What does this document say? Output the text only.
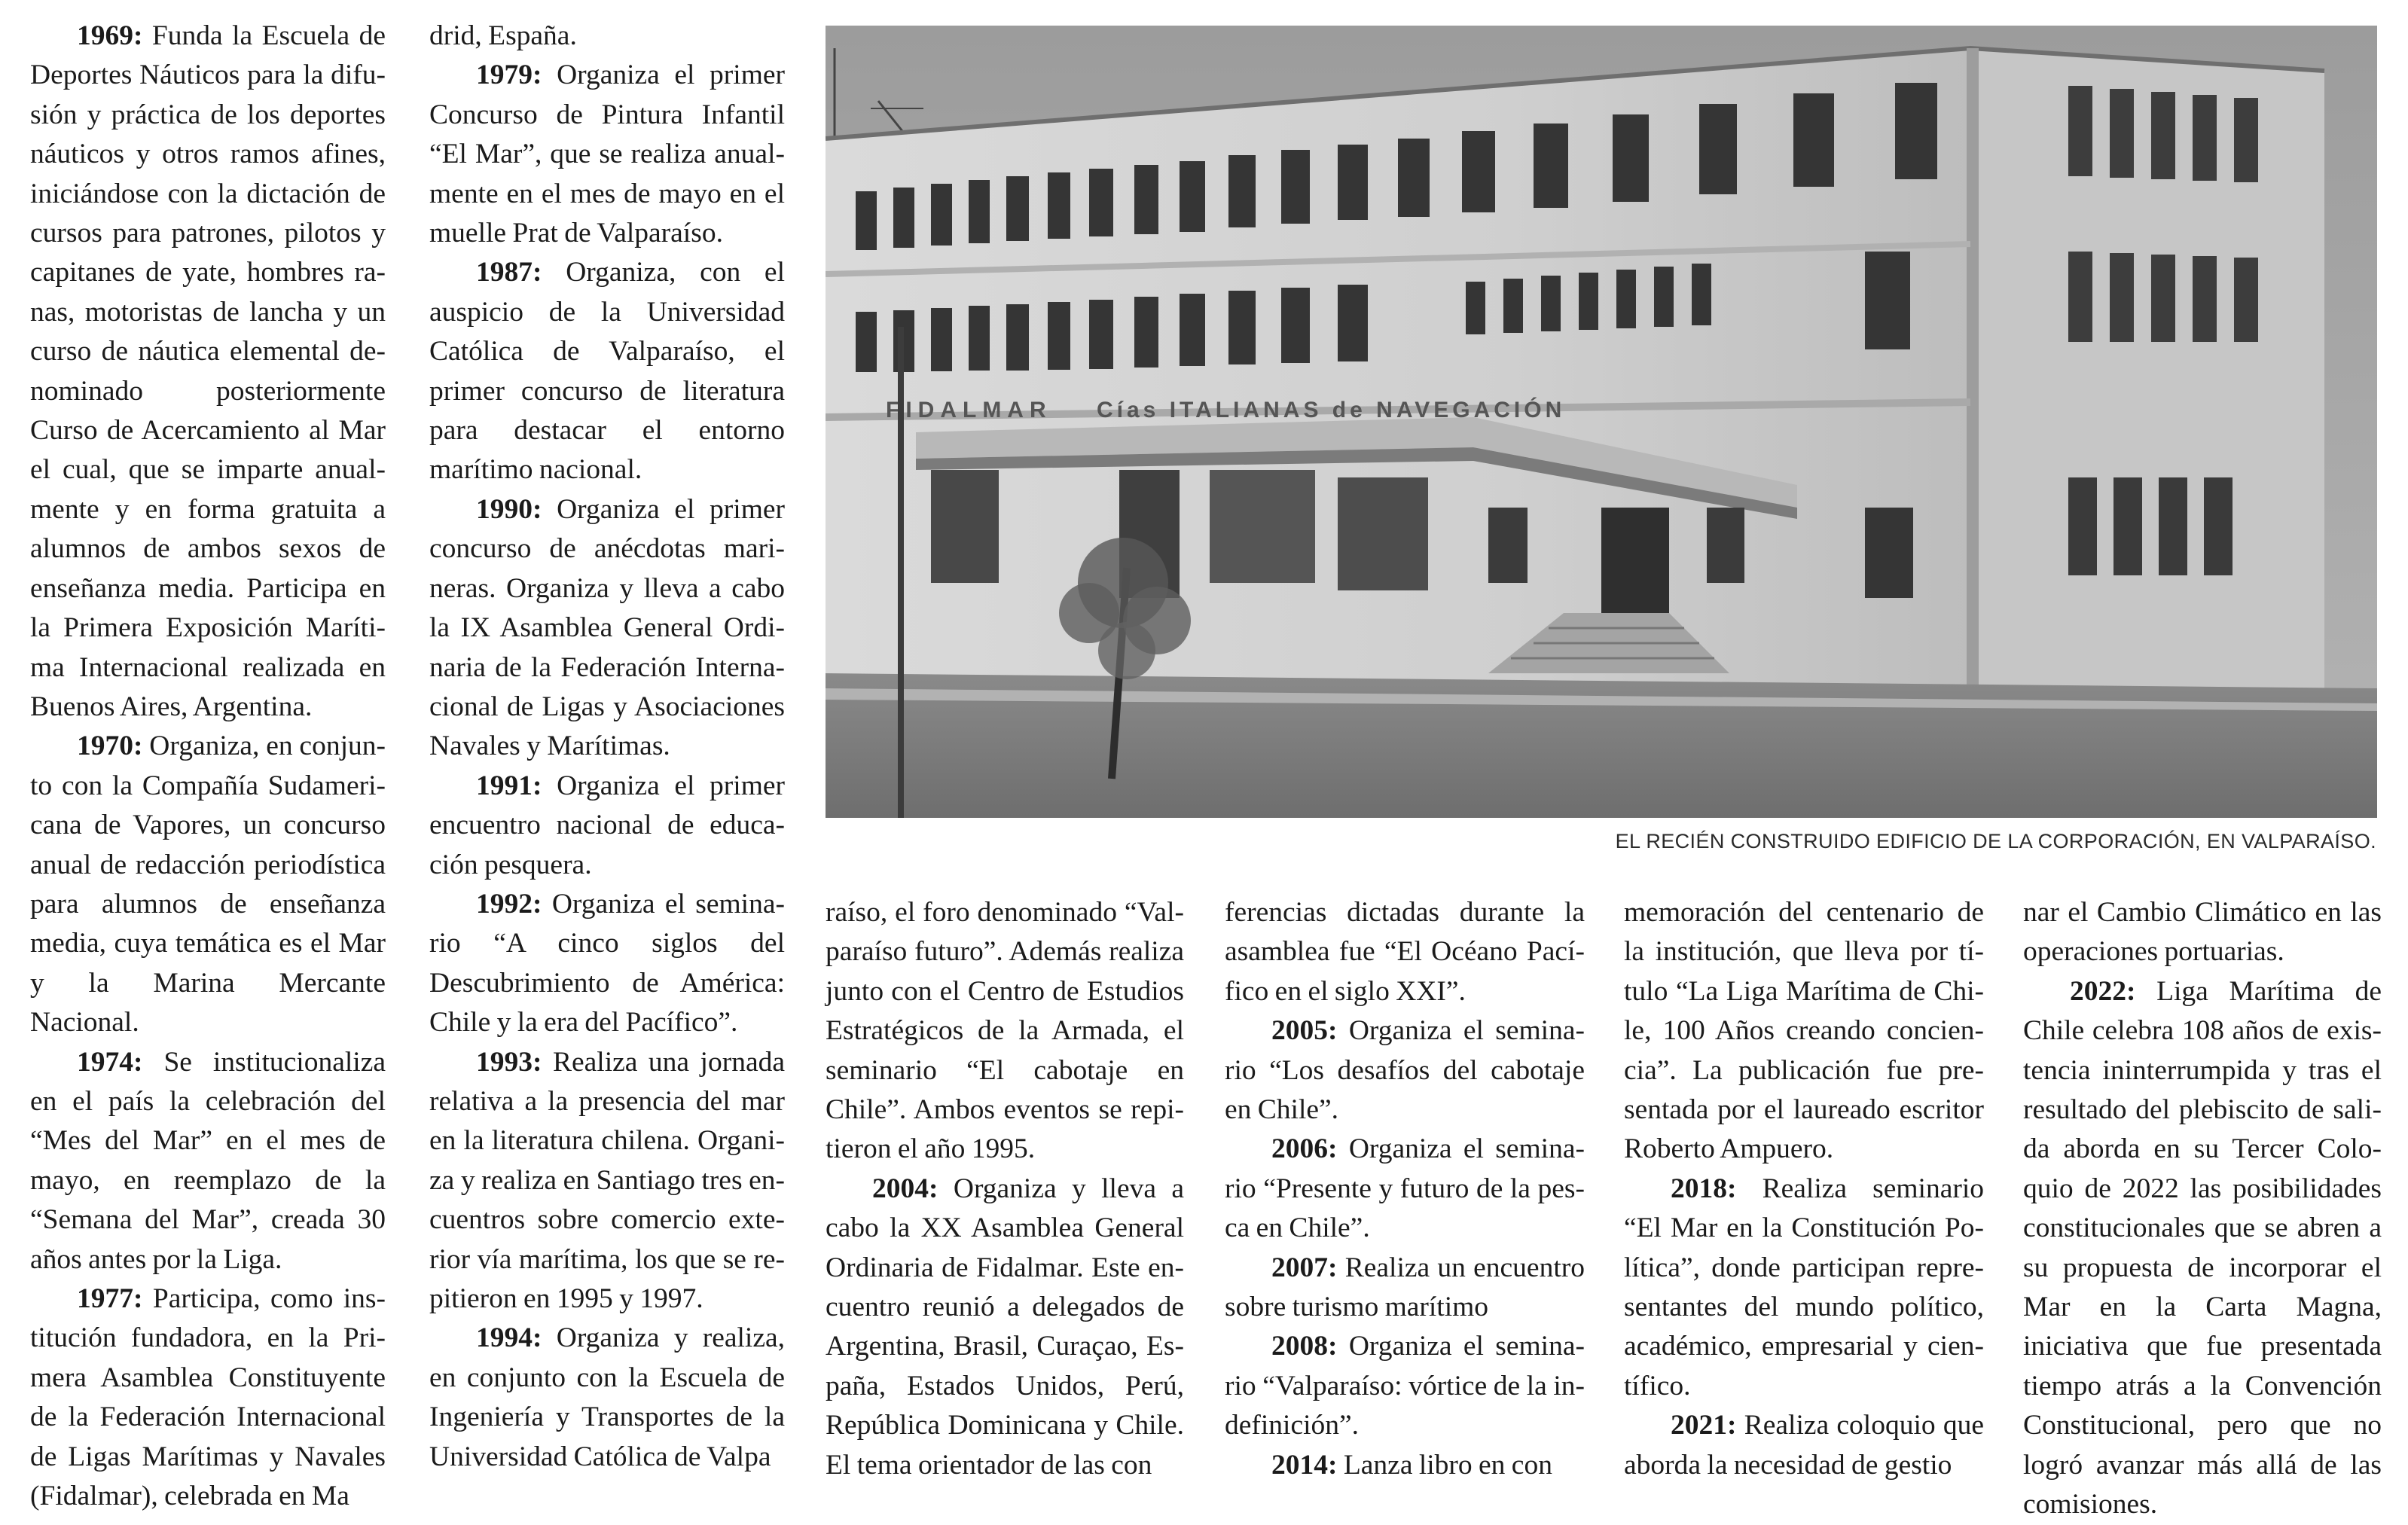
1969: Funda la Escuela de Deportes Náuticos para la difusión y práctica de los deportes náuticos y otros ramos afines, iniciándose con la dictación de cursos para patrones, pilotos y capitanes de yate, hombres ranas, motoristas de lancha y un curso de náutica elemental denominado posteriormente Curso de Acercamiento al Mar el cual, que se imparte anualmente y en forma gratuita a alumnos de ambos sexos de enseñanza media. Participa en la Primera Exposición Marítima Internacional realizada en Buenos Aires, Argentina.

1970: Organiza, en conjunto con la Compañía Sudamericana de Vapores, un concurso anual de redacción periodística para alumnos de enseñanza media, cuya temática es el Mar y la Marina Mercante Nacional.

1974: Se institucionaliza en el país la celebración del “Mes del Mar” en el mes de mayo, en reemplazo de la “Semana del Mar”, creada 30 años antes por la Liga.

1977: Participa, como institución fundadora, en la Primera Asamblea Constituyente de la Federación Internacional de Ligas Marítimas y Navales (Fidalmar), celebrada en Ma

drid, España.

1979: Organiza el primer Concurso de Pintura Infantil “El Mar”, que se realiza anualmente en el mes de mayo en el muelle Prat de Valparaíso.

1987: Organiza, con el auspicio de la Universidad Católica de Valparaíso, el primer concurso de literatura para destacar el entorno marítimo nacional.

1990: Organiza el primer concurso de anécdotas marineras. Organiza y lleva a cabo la IX Asamblea General Ordinaria de la Federación Internacional de Ligas y Asociaciones Navales y Marítimas.

1991: Organiza el primer encuentro nacional de educación pesquera.

1992: Organiza el seminario “A cinco siglos del Descubrimiento de América: Chile y la era del Pacífico”.

1993: Realiza una jornada relativa a la presencia del mar en la literatura chilena. Organiza y realiza en Santiago tres encuentros sobre comercio exterior vía marítima, los que se repitieron en 1995 y 1997.

1994: Organiza y realiza, en conjunto con la Escuela de Ingeniería y Transportes de la Universidad Católica de Valpa

FIDALMAR Cías ITALIANAS de NAVEGACIÓN
EL RECIÉN CONSTRUIDO EDIFICIO DE LA CORPORACIÓN, EN VALPARAÍSO.

raíso, el foro denominado “Valparaíso futuro”. Además realiza junto con el Centro de Estudios Estratégicos de la Armada, el seminario “El cabotaje en Chile”. Ambos eventos se repitieron el año 1995.

2004: Organiza y lleva a cabo la XX Asamblea General Ordinaria de Fidalmar. Este encuentro reunió a delegados de Argentina, Brasil, Curaçao, España, Estados Unidos, Perú, República Dominicana y Chile. El tema orientador de las con

ferencias dictadas durante la asamblea fue “El Océano Pacífico en el siglo XXI”.

2005: Organiza el seminario “Los desafíos del cabotaje en Chile”.

2006: Organiza el seminario “Presente y futuro de la pesca en Chile”.

2007: Realiza un encuentro sobre turismo marítimo

2008: Organiza el seminario “Valparaíso: vórtice de la indefinición”.

2014: Lanza libro en con

memoración del centenario de la institución, que lleva por título “La Liga Marítima de Chile, 100 Años creando conciencia”. La publicación fue presentada por el laureado escritor Roberto Ampuero.

2018: Realiza seminario “El Mar en la Constitución Política”, donde participan representantes del mundo político, académico, empresarial y científico.

2021: Realiza coloquio que aborda la necesidad de gestio

nar el Cambio Climático en las operaciones portuarias.

2022: Liga Marítima de Chile celebra 108 años de existencia ininterrumpida y tras el resultado del plebiscito de salida aborda en su Tercer Coloquio de 2022 las posibilidades constitucionales que se abren a su propuesta de incorporar el Mar en la Carta Magna, iniciativa que fue presentada tiempo atrás a la Convención Constitucional, pero que no logró avanzar más allá de las comisiones.
